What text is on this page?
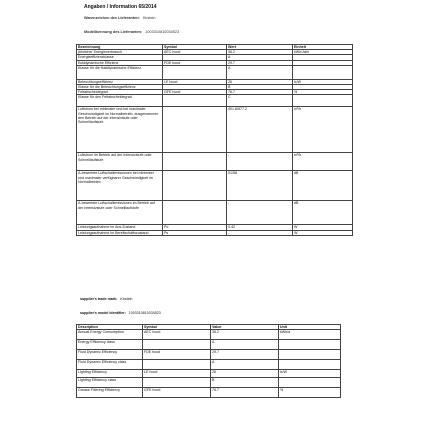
Angaben / Information 65/2014
Warenzeichen des Lieferanten: Kirstein
Modellkennung des Lieferanten: 1003310810034523
Bezeichnung	Symbol	Wert	Einheit
jährlicher Energieverbrauch	AEC hood	36.2	kWh/Jahr
Energieeffizienzklasse		A	
fluiddynamische Effizienz	FDE hood	29.7	
Klasse für die fluiddynamische Effizienz		A	
Beleuchtungseffizienz	LE hood	26	lx/W
Klasse für die Beleuchtungseffizienz		B	
Fettabscheidegrad	GFE hood	76.7	%
Klasse für den Fettabscheidegrad		C	
Luftstrom bei minimaler und bei maximaler Geschwindigkeit im Normalbetrieb, ausgenommen den Betrieb auf der intensivstufe oder Schnelllaufstufe		401.8/577.2	m³/h
Luftstrom im Betrieb auf der Intensivstufe oder Schnelllaufstufe		-	m³/h
A-bewertete Luftschallemissionen bei minimaler und maximaler verfügbarer Geschwindigkeit im Normalbetrieb		51/58	dB
A-bewertete Luftschallemissionen im Betrieb auf der Intensivstufe oder Schnelllaufstufe		-	dB
Leistungsaufnahme im Aus-Zustand	Po	0.42	W
Leistungsaufnahme im Bereitschaftszustand	Ps	-	W
supplier's trade mark: Kirstein
supplier's model identifier: 1003310810034523
Description	Symbol	Value	Unit
Annual Energy Consumption	AEC hood	36.2	kWh/a
Energy Efficiency class		A	
Fluid Dynamic Efficiency	FDE hood	29.7	
Fluid Dynamic Efficiency class		A	
Lighting Efficiency	LE hood	26	lx/W
Lighting Efficiency class		B	
Grease Filtering Efficiency	GFE hood	76.7	%
